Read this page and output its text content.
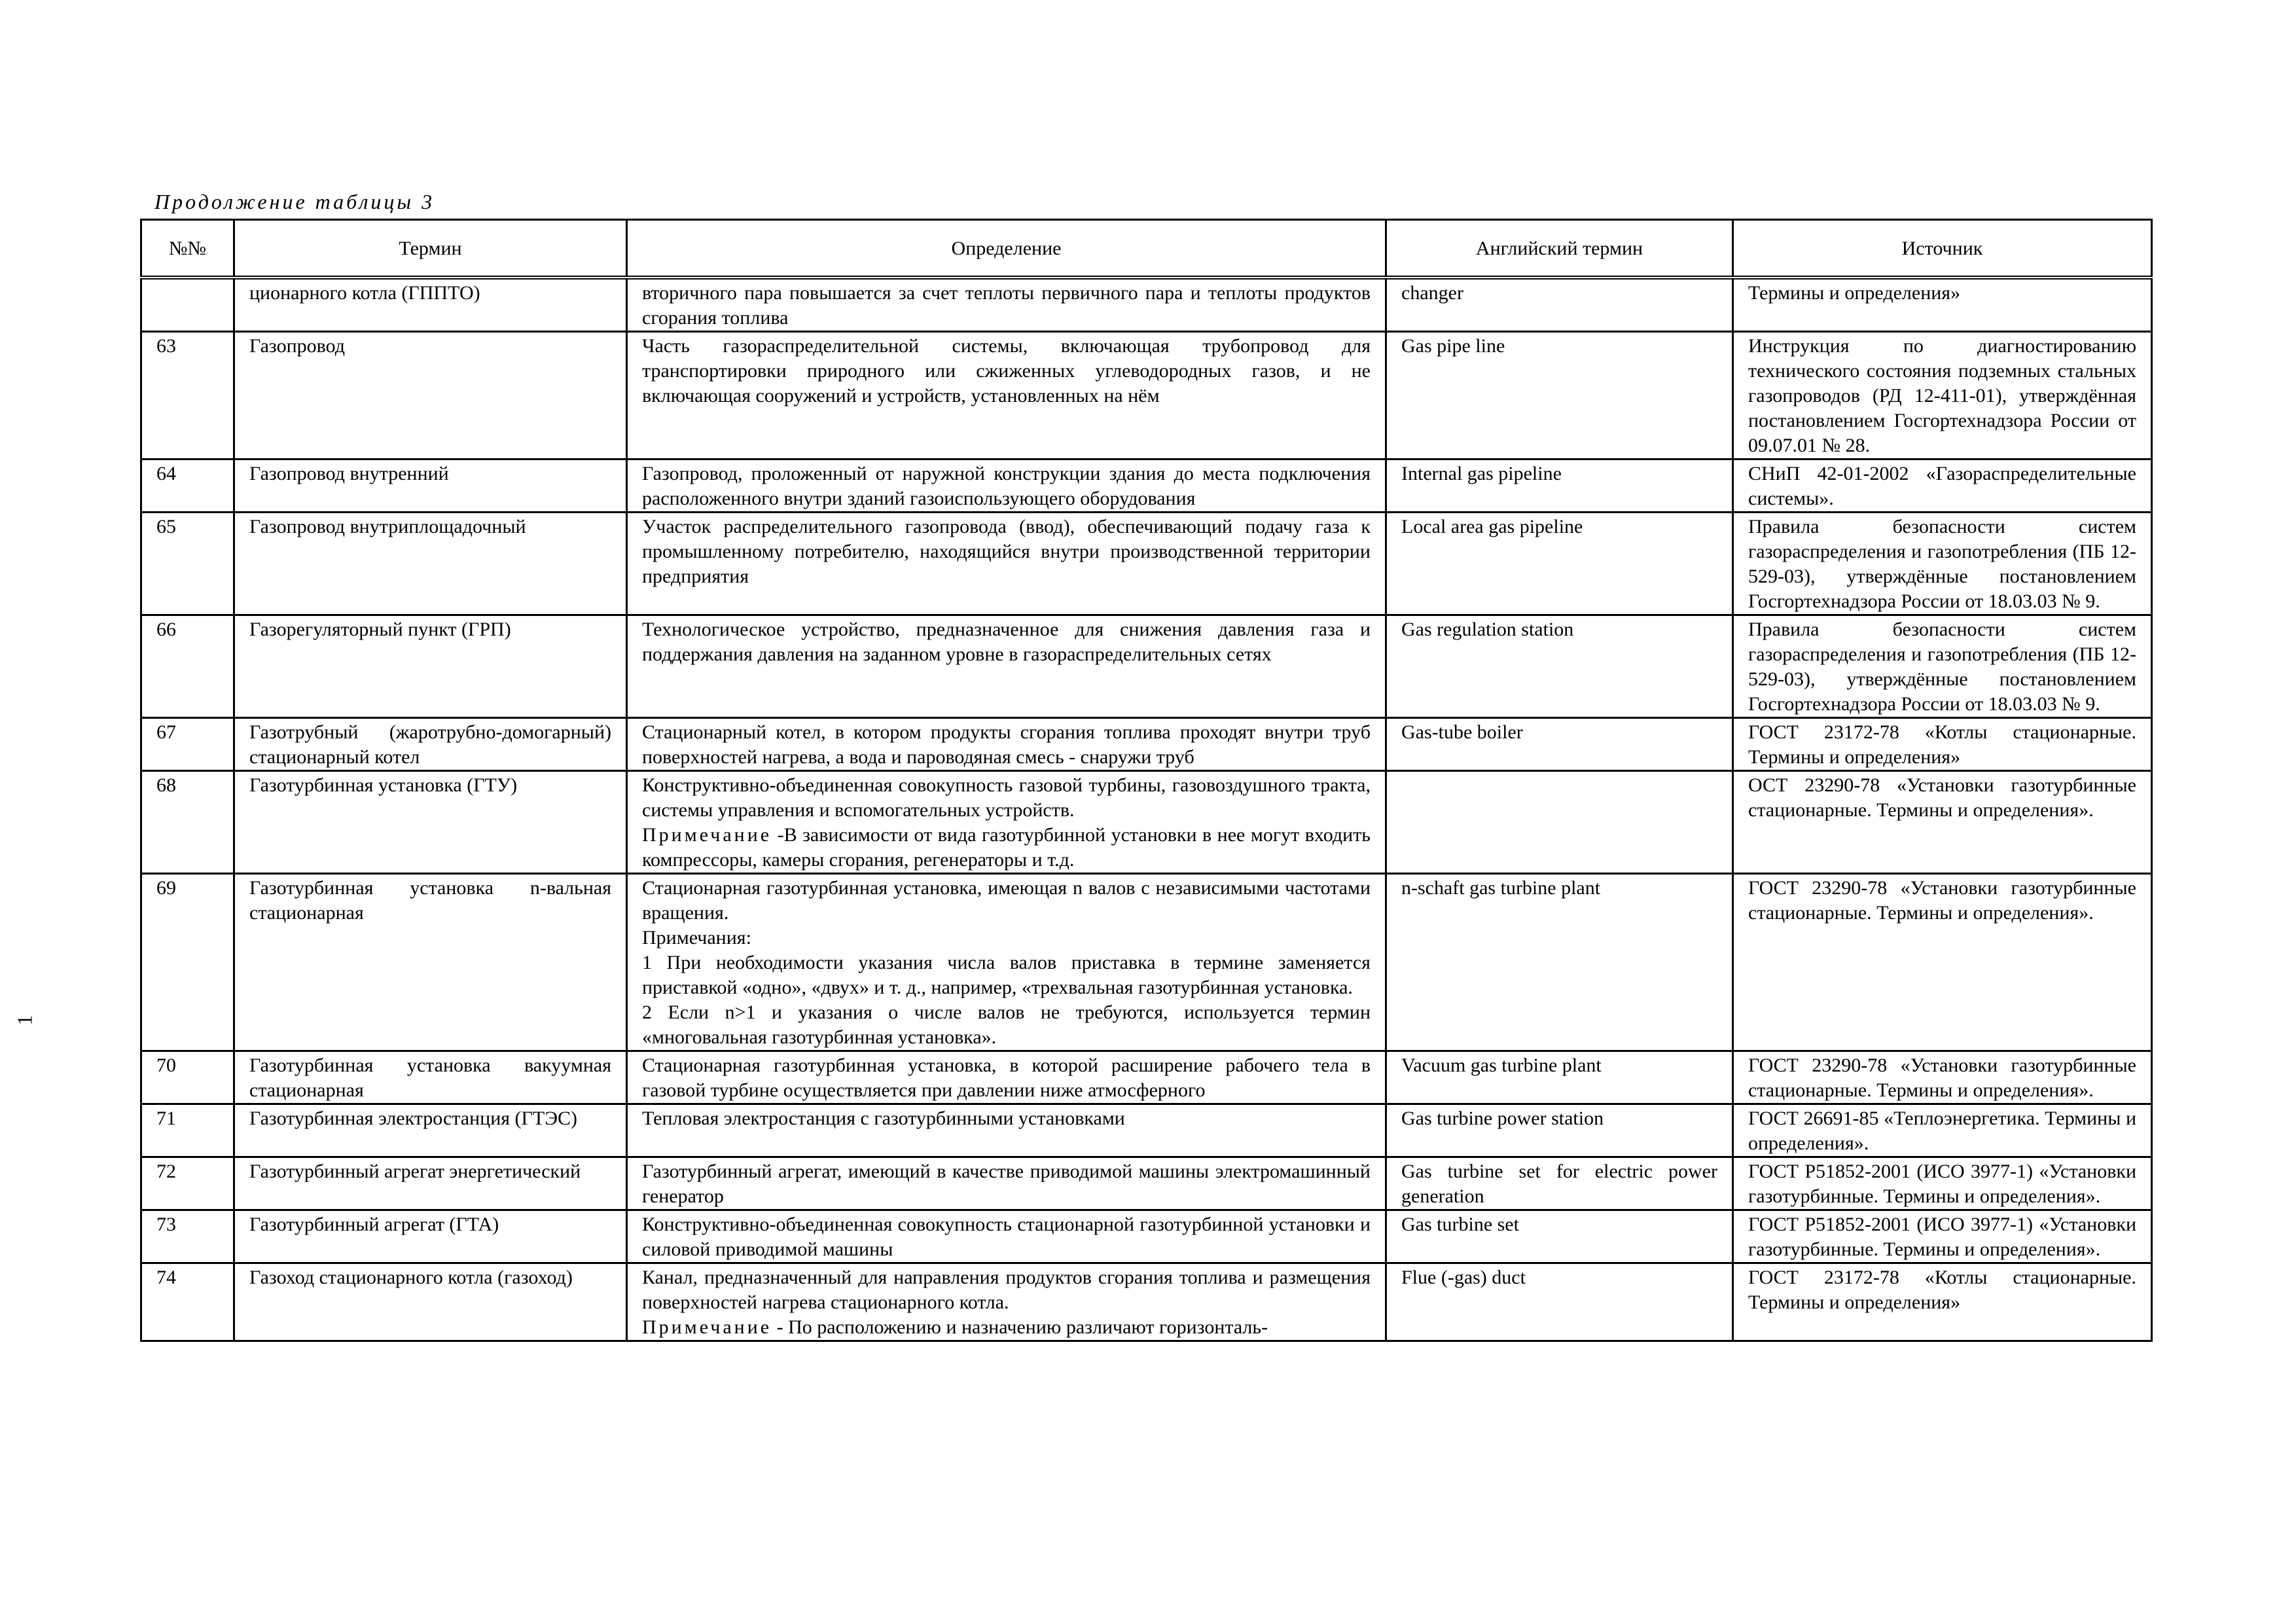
Продолжение таблицы 3
1
№№	Термин	Определение	Английский термин	Источник
	ционарного котла (ГППТО)	вторичного пара повышается за счет теплоты первичного пара и теплоты продуктов сгорания топлива	changer	Термины и определения»
63	Газопровод	Часть газораспределительной системы, включающая трубопровод для транспортировки природного или сжиженных углеводородных газов, и не включающая сооружений и устройств, установленных на нём	Gas pipe line	Инструкция по диагностированию технического состояния подземных стальных газопроводов (РД 12-411-01), утверждённая постановлением Госгортехнадзора России от 09.07.01 № 28.
64	Газопровод внутренний	Газопровод, проложенный от наружной конструкции здания до места подключения расположенного внутри зданий газоиспользующего оборудования	Internal gas pipeline	СНиП 42-01-2002 «Газораспределительные системы».
65	Газопровод внутриплощадочный	Участок распределительного газопровода (ввод), обеспечивающий подачу газа к промышленному потребителю, находящийся внутри производственной территории предприятия	Local area gas pipeline	Правила безопасности систем газораспределения и газопотребления (ПБ 12-529-03), утверждённые постановлением Госгортехнадзора России от 18.03.03 № 9.
66	Газорегуляторный пункт (ГРП)	Технологическое устройство, предназначенное для снижения давления газа и поддержания давления на заданном уровне в газораспределительных сетях	Gas regulation station	Правила безопасности систем газораспределения и газопотребления (ПБ 12-529-03), утверждённые постановлением Госгортехнадзора России от 18.03.03 № 9.
67	Газотрубный (жаротрубно-домогарный) стационарный котел	Стационарный котел, в котором продукты сгорания топлива проходят внутри труб поверхностей нагрева, а вода и пароводяная смесь - снаружи труб	Gas-tube boiler	ГОСТ 23172-78 «Котлы стационарные. Термины и определения»
68	Газотурбинная установка (ГТУ)	Конструктивно-объединенная совокупность газовой турбины, газовоздушного тракта, системы управления и вспомогательных устройств.
Примечание -В зависимости от вида газотурбинной установки в нее могут входить компрессоры, камеры сгорания, регенераторы и т.д.		ОСТ 23290-78 «Установки газотурбинные стационарные. Термины и определения».
69	Газотурбинная установка n-вальная стационарная	Стационарная газотурбинная установка, имеющая n валов с независимыми частотами вращения.
Примечания:
1 При необходимости указания числа валов приставка в термине заменяется приставкой «одно», «двух» и т. д., например, «трехвальная газотурбинная установка.
2 Если n>1 и указания о числе валов не требуются, используется термин «многовальная газотурбинная установка».	n-schaft gas turbine plant	ГОСТ 23290-78 «Установки газотурбинные стационарные. Термины и определения».
70	Газотурбинная установка вакуумная стационарная	Стационарная газотурбинная установка, в которой расширение рабочего тела в газовой турбине осуществляется при давлении ниже атмосферного	Vacuum gas turbine plant	ГОСТ 23290-78 «Установки газотурбинные стационарные. Термины и определения».
71	Газотурбинная электростанция (ГТЭС)	Тепловая электростанция с газотурбинными установками	Gas turbine power station	ГОСТ 26691-85 «Теплоэнергетика. Термины и определения».
72	Газотурбинный агрегат энергетический	Газотурбинный агрегат, имеющий в качестве приводимой машины электромашинный генератор	Gas turbine set for electric power generation	ГОСТ Р51852-2001 (ИСО 3977-1) «Установки газотурбинные. Термины и определения».
73	Газотурбинный агрегат (ГТА)	Конструктивно-объединенная совокупность стационарной газотурбинной установки и силовой приводимой машины	Gas turbine set	ГОСТ Р51852-2001 (ИСО 3977-1) «Установки газотурбинные. Термины и определения».
74	Газоход стационарного котла (газоход)	Канал, предназначенный для направления продуктов сгорания топлива и размещения поверхностей нагрева стационарного котла.
Примечание - По расположению и назначению различают горизонталь-	Flue (-gas) duct	ГОСТ 23172-78 «Котлы стационарные. Термины и определения»
